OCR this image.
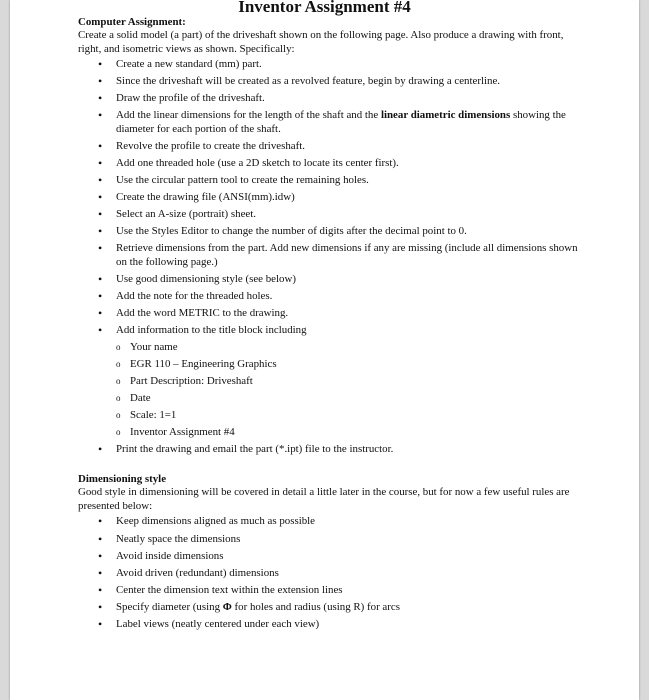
Inventor Assignment #4
Computer Assignment:

Create a solid model (a part) of the driveshaft shown on the following page. Also produce a drawing with front, right, and isometric views as shown. Specifically:

• Create a new standard (mm) part.
• Since the driveshaft will be created as a revolved feature, begin by drawing a centerline.
• Draw the profile of the driveshaft.
• Add the linear dimensions for the length of the shaft and the linear diametric dimensions showing the diameter for each portion of the shaft.
• Revolve the profile to create the driveshaft.
• Add one threaded hole (use a 2D sketch to locate its center first).
• Use the circular pattern tool to create the remaining holes.
• Create the drawing file (ANSI(mm).idw)
• Select an A-size (portrait) sheet.
• Use the Styles Editor to change the number of digits after the decimal point to 0.
• Retrieve dimensions from the part. Add new dimensions if any are missing (include all dimensions shown on the following page.)
• Use good dimensioning style (see below)
• Add the note for the threaded holes.
• Add the word METRIC to the drawing.
• Add information to the title block including
o Your name
o EGR 110 – Engineering Graphics
o Part Description: Driveshaft
o Date
o Scale: 1=1
o Inventor Assignment #4
• Print the drawing and email the part (*.ipt) file to the instructor.
Dimensioning style

Good style in dimensioning will be covered in detail a little later in the course, but for now a few useful rules are presented below:

• Keep dimensions aligned as much as possible
• Neatly space the dimensions
• Avoid inside dimensions
• Avoid driven (redundant) dimensions
• Center the dimension text within the extension lines
• Specify diameter (using Φ for holes and radius (using R) for arcs
• Label views (neatly centered under each view)
